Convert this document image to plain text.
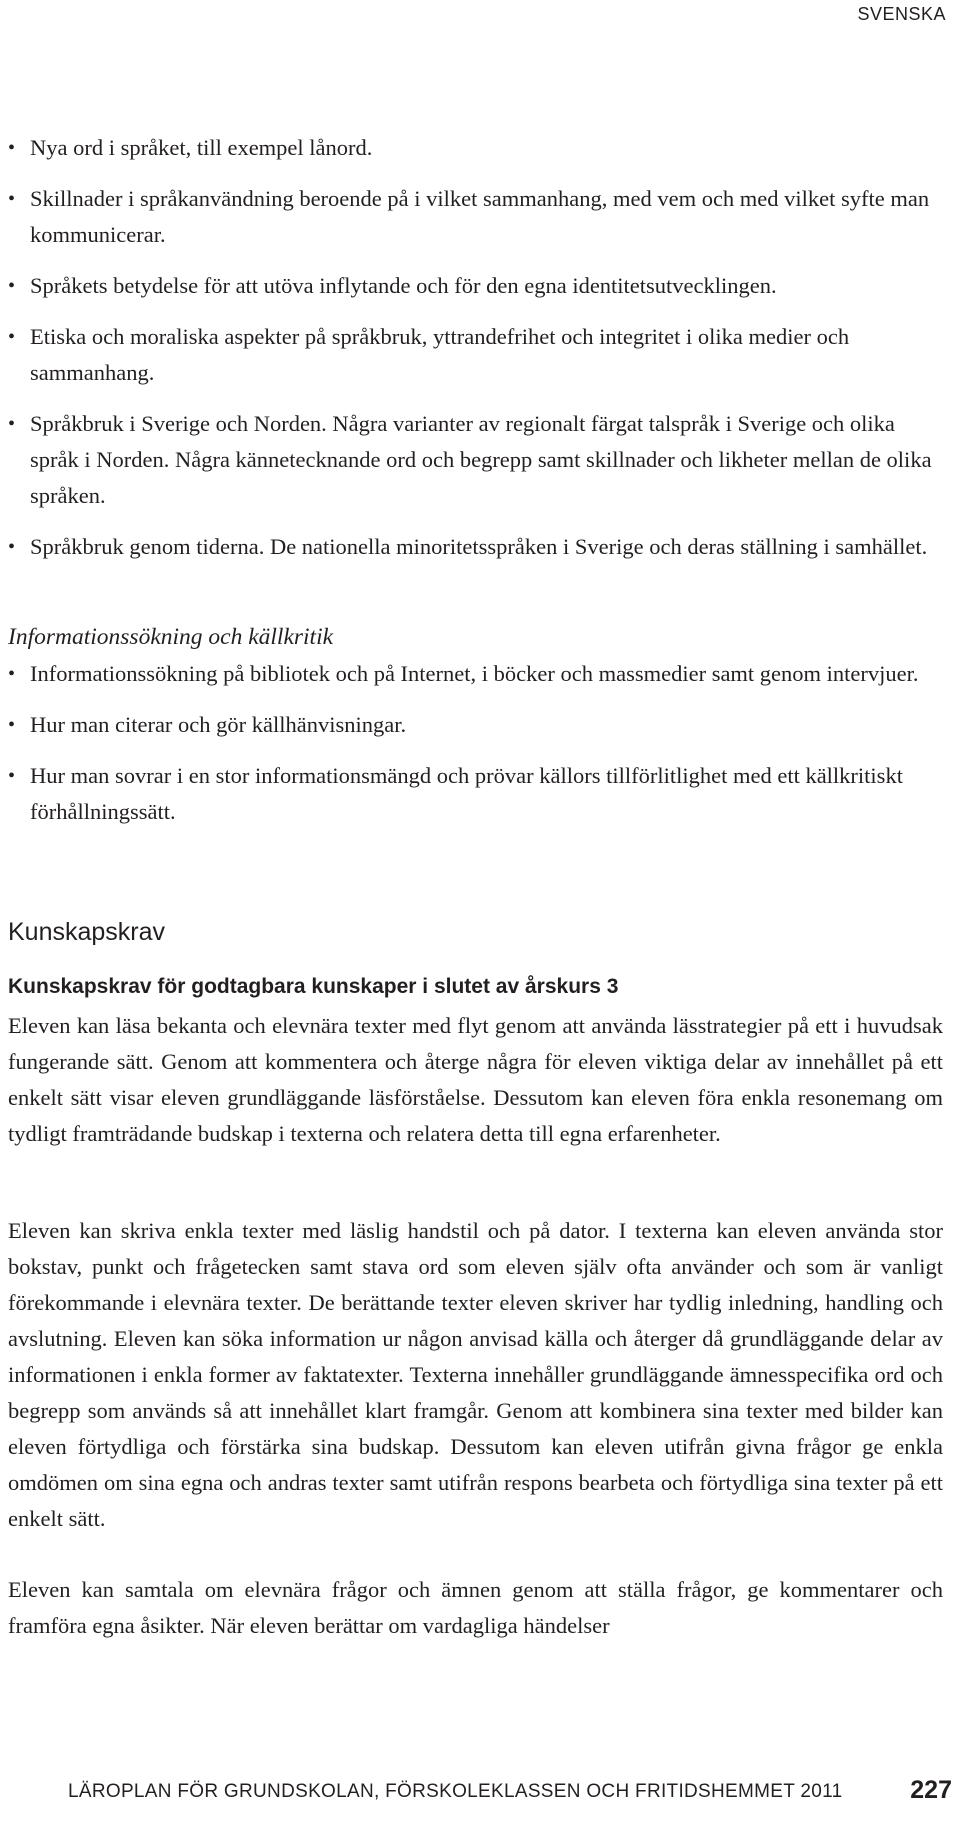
SVENSKA
• Nya ord i språket, till exempel lånord.
• Skillnader i språkanvändning beroende på i vilket sammanhang, med vem och med vilket syfte man kommunicerar.
• Språkets betydelse för att utöva inflytande och för den egna identitetsutvecklingen.
• Etiska och moraliska aspekter på språkbruk, yttrandefrihet och integritet i olika medier och sammanhang.
• Språkbruk i Sverige och Norden. Några varianter av regionalt färgat talspråk i Sverige och olika språk i Norden. Några kännetecknande ord och begrepp samt skillnader och likheter mellan de olika språken.
• Språkbruk genom tiderna. De nationella minoritetsspråken i Sverige och deras ställning i samhället.
Informationssökning och källkritik
• Informationssökning på bibliotek och på Internet, i böcker och massmedier samt genom intervjuer.
• Hur man citerar och gör källhänvisningar.
• Hur man sovrar i en stor informationsmängd och prövar källors tillförlitlighet med ett källkritiskt förhållningssätt.
Kunskapskrav
Kunskapskrav för godtagbara kunskaper i slutet av årskurs 3

Eleven kan läsa bekanta och elevnära texter med flyt genom att använda lässtrategier på ett i huvudsak fungerande sätt. Genom att kommentera och återge några för eleven viktiga delar av innehållet på ett enkelt sätt visar eleven grundläggande läsförståelse. Dessutom kan eleven föra enkla resonemang om tydligt framträdande budskap i texterna och relatera detta till egna erfarenheter.

Eleven kan skriva enkla texter med läslig handstil och på dator. I texterna kan eleven använda stor bokstav, punkt och frågetecken samt stava ord som eleven själv ofta använder och som är vanligt förekommande i elevnära texter. De berättande texter eleven skriver har tydlig inledning, handling och avslutning. Eleven kan söka information ur någon anvisad källa och återger då grundläggande delar av informationen i enkla former av faktatexter. Texterna innehåller grundläggande ämnesspecifika ord och begrepp som används så att innehållet klart framgår. Genom att kombinera sina texter med bilder kan eleven förtydliga och förstärka sina budskap. Dessutom kan eleven utifrån givna frågor ge enkla omdömen om sina egna och andras texter samt utifrån respons bearbeta och förtydliga sina texter på ett enkelt sätt.

Eleven kan samtala om elevnära frågor och ämnen genom att ställa frågor, ge kommentarer och framföra egna åsikter. När eleven berättar om vardagliga händelser

LÄROPLAN FÖR GRUNDSKOLAN, FÖRSKOLEKLASSEN OCH FRITIDSHEMMET 2011	227
